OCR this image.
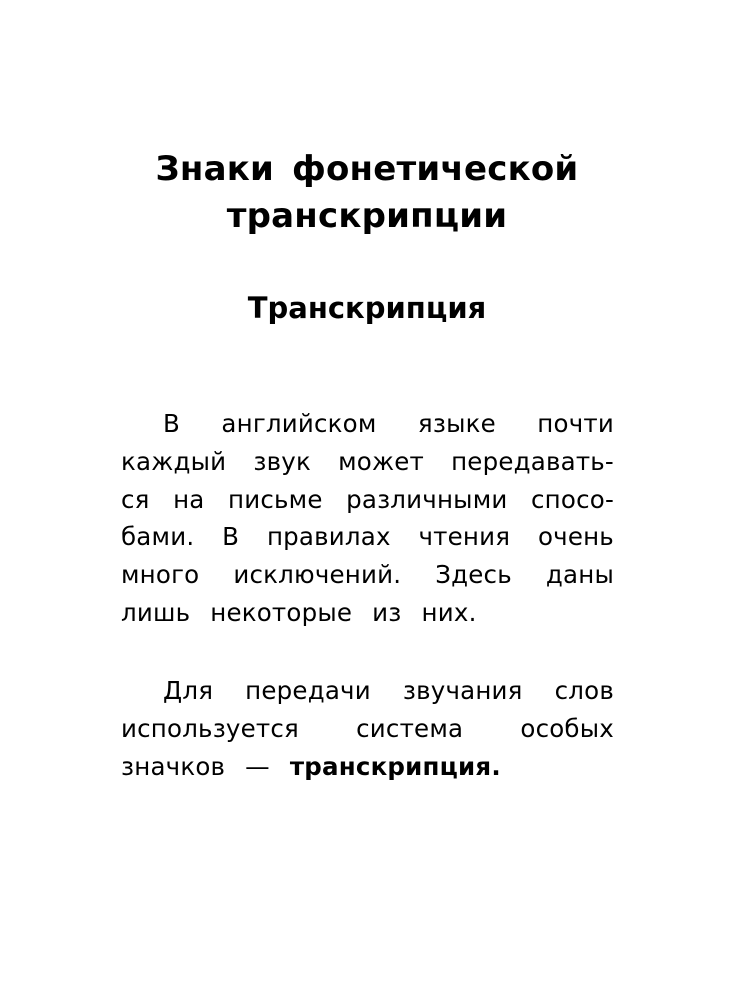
Знаки фонетической
транскрипции
Транскрипция
В английском языке почти
каждый звук может передавать-
ся на письме различными спосо-
бами. В правилах чтения очень
много исключений. Здесь даны
лишь некоторые из них.
Для передачи звучания слов
используется система особых
значков — транскрипция.
